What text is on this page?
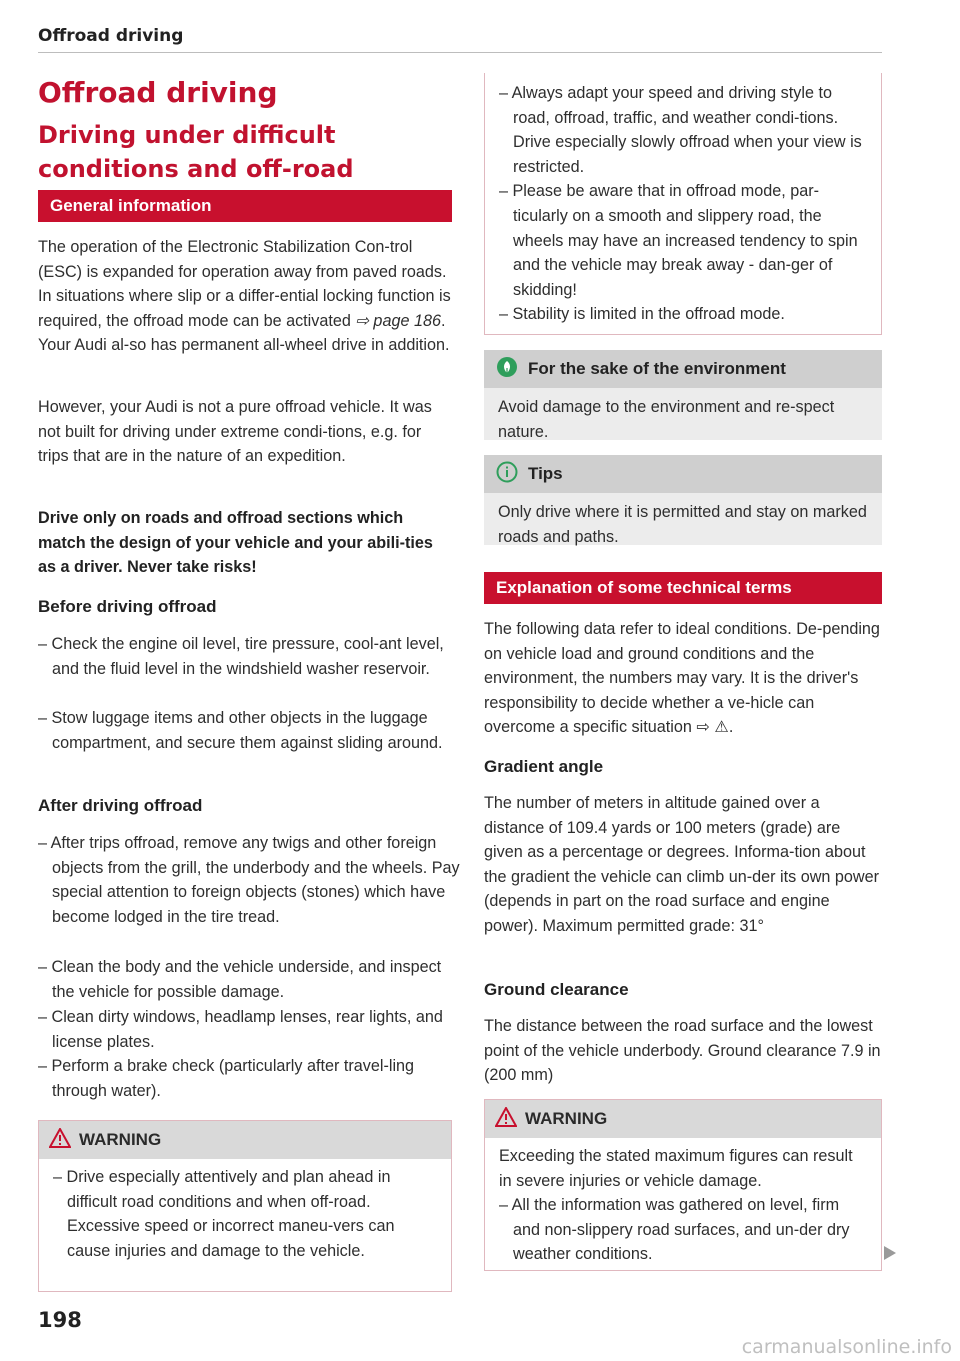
Offroad driving
Offroad driving
Driving under difficult conditions and off-road
General information

The operation of the Electronic Stabilization Con-trol (ESC) is expanded for operation away from paved roads. In situations where slip or a differ-ential locking function is required, the offroad mode can be activated ⇨ page 186. Your Audi al-so has permanent all-wheel drive in addition.

However, your Audi is not a pure offroad vehicle. It was not built for driving under extreme condi-tions, e.g. for trips that are in the nature of an expedition.

Drive only on roads and offroad sections which match the design of your vehicle and your abili-ties as a driver. Never take risks!

Before driving offroad

– Check the engine oil level, tire pressure, cool-ant level, and the fluid level in the windshield washer reservoir.

– Stow luggage items and other objects in the luggage compartment, and secure them against sliding around.

After driving offroad

– After trips offroad, remove any twigs and other foreign objects from the grill, the underbody and the wheels. Pay special attention to foreign objects (stones) which have become lodged in the tire tread.

– Clean the body and the vehicle underside, and inspect the vehicle for possible damage.

– Clean dirty windows, headlamp lenses, rear lights, and license plates.

– Perform a brake check (particularly after travel-ling through water).

WARNING
– Drive especially attentively and plan ahead in difficult road conditions and when off-road. Excessive speed or incorrect maneu-vers can cause injuries and damage to the vehicle.
198
– Always adapt your speed and driving style to road, offroad, traffic, and weather condi-tions. Drive especially slowly offroad when your view is restricted.
– Please be aware that in offroad mode, par-ticularly on a smooth and slippery road, the wheels may have an increased tendency to spin and the vehicle may break away - dan-ger of skidding!
– Stability is limited in the offroad mode.
For the sake of the environment
Avoid damage to the environment and re-spect nature.
Tips
Only drive where it is permitted and stay on marked roads and paths.
Explanation of some technical terms

The following data refer to ideal conditions. De-pending on vehicle load and ground conditions and the environment, the numbers may vary. It is the driver's responsibility to decide whether a ve-hicle can overcome a specific situation ⇨ ⚠.

Gradient angle

The number of meters in altitude gained over a distance of 109.4 yards or 100 meters (grade) are given as a percentage or degrees. Informa-tion about the gradient the vehicle can climb un-der its own power (depends in part on the road surface and engine power). Maximum permitted grade: 31°

Ground clearance

The distance between the road surface and the lowest point of the vehicle underbody. Ground clearance 7.9 in (200 mm)

WARNING
Exceeding the stated maximum figures can result in severe injuries or vehicle damage.
– All the information was gathered on level, firm and non-slippery road surfaces, and un-der dry weather conditions.
carmanualsonline.info
